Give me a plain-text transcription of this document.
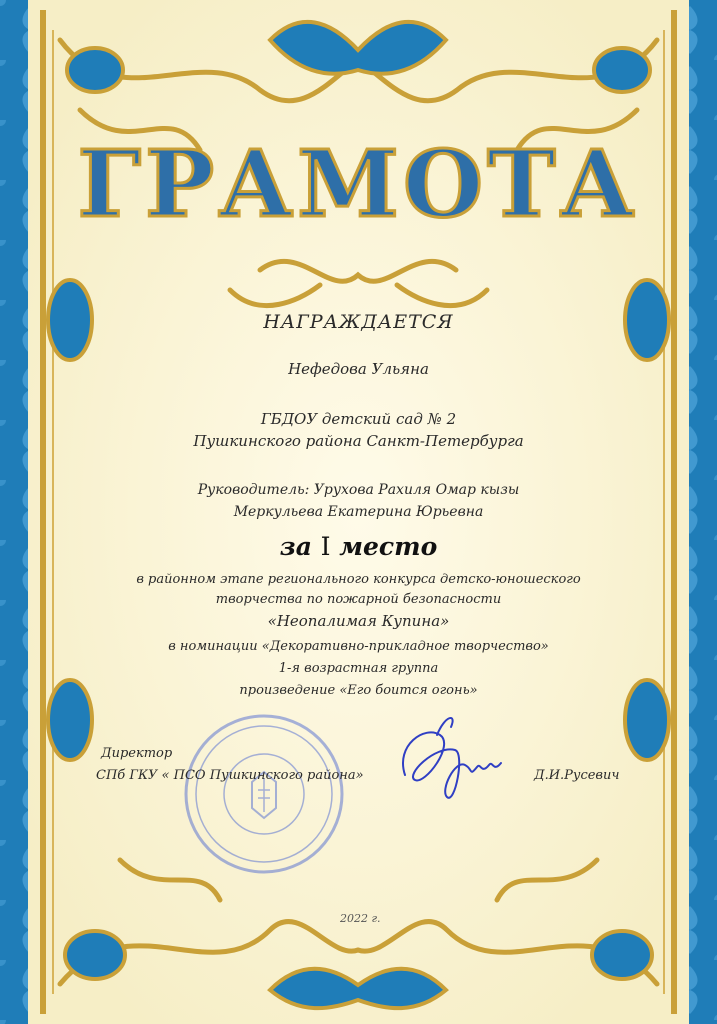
ГРАМОТА
НАГРАЖДАЕТСЯ
Нефедова Ульяна
ГБДОУ детский сад № 2
Пушкинского района Санкт-Петербурга
Руководитель: Урухова Рахиля Омар кызы
Меркульева Екатерина Юрьевна
за I место
в районном этапе регионального конкурса детско-юношеского
творчества по пожарной безопасности
«Неопалимая Купина»
в номинации «Декоративно-прикладное творчество»
1-я возрастная группа
произведение «Его боится огонь»
Директор
СПб ГКУ « ПСО Пушкинского района»	Д.И.Русевич
2022 г.
